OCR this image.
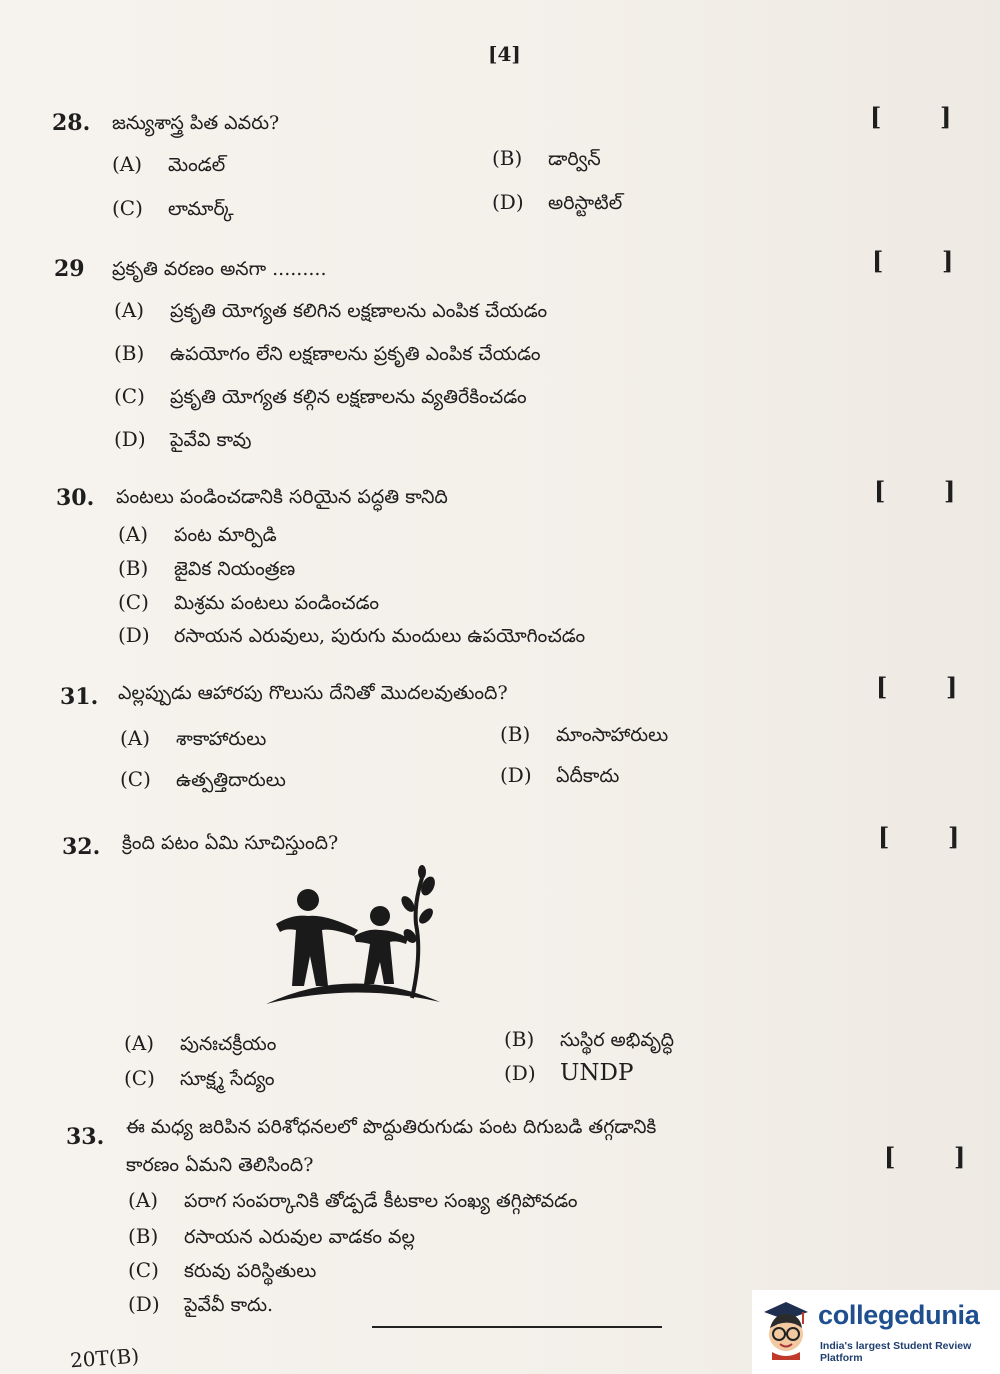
[4]
28. జన్యుశాస్త్ర పిత ఎవరు?	[ ]
(A) మెండల్	(B) డార్విన్
(C) లామార్క్	(D) అరిస్టాటిల్
29 ప్రకృతి వరణం అనగా .........	[ ]
(A) ప్రకృతి యోగ్యత కలిగిన లక్షణాలను ఎంపిక చేయడం
(B) ఉపయోగం లేని లక్షణాలను ప్రకృతి ఎంపిక చేయడం
(C) ప్రకృతి యోగ్యత కల్గిన లక్షణాలను వ్యతిరేకించడం
(D) పైవేవి కావు
30. పంటలు పండించడానికి సరియైన పద్ధతి కానిది	[ ]
(A) పంట మార్పిడి
(B) జైవిక నియంత్రణ
(C) మిశ్రమ పంటలు పండించడం
(D) రసాయన ఎరువులు, పురుగు మందులు ఉపయోగించడం
31. ఎల్లప్పుడు ఆహారపు గొలుసు దేనితో మొదలవుతుంది?	[ ]
(A) శాకాహారులు	(B) మాంసాహారులు
(C) ఉత్పత్తిదారులు	(D) ఏదీకాదు
32. క్రింది పటం ఏమి సూచిస్తుంది?	[ ]
(A) పునఃచక్రీయం	(B) సుస్థిర అభివృద్ధి
(C) సూక్ష్మ సేద్యం	(D) UNDP
33. ఈ మధ్య జరిపిన పరిశోధనలలో పొద్దుతిరుగుడు పంట దిగుబడి తగ్గడానికి
కారణం ఏమని తెలిసింది?	[ ]
(A) పరాగ సంపర్కానికి తోడ్పడే కీటకాల సంఖ్య తగ్గిపోవడం
(B) రసాయన ఎరువుల వాడకం వల్ల
(C) కరువు పరిస్థితులు
(D) పైవేవీ కాదు.
20T(B)
collegedunia
India's largest Student Review Platform
